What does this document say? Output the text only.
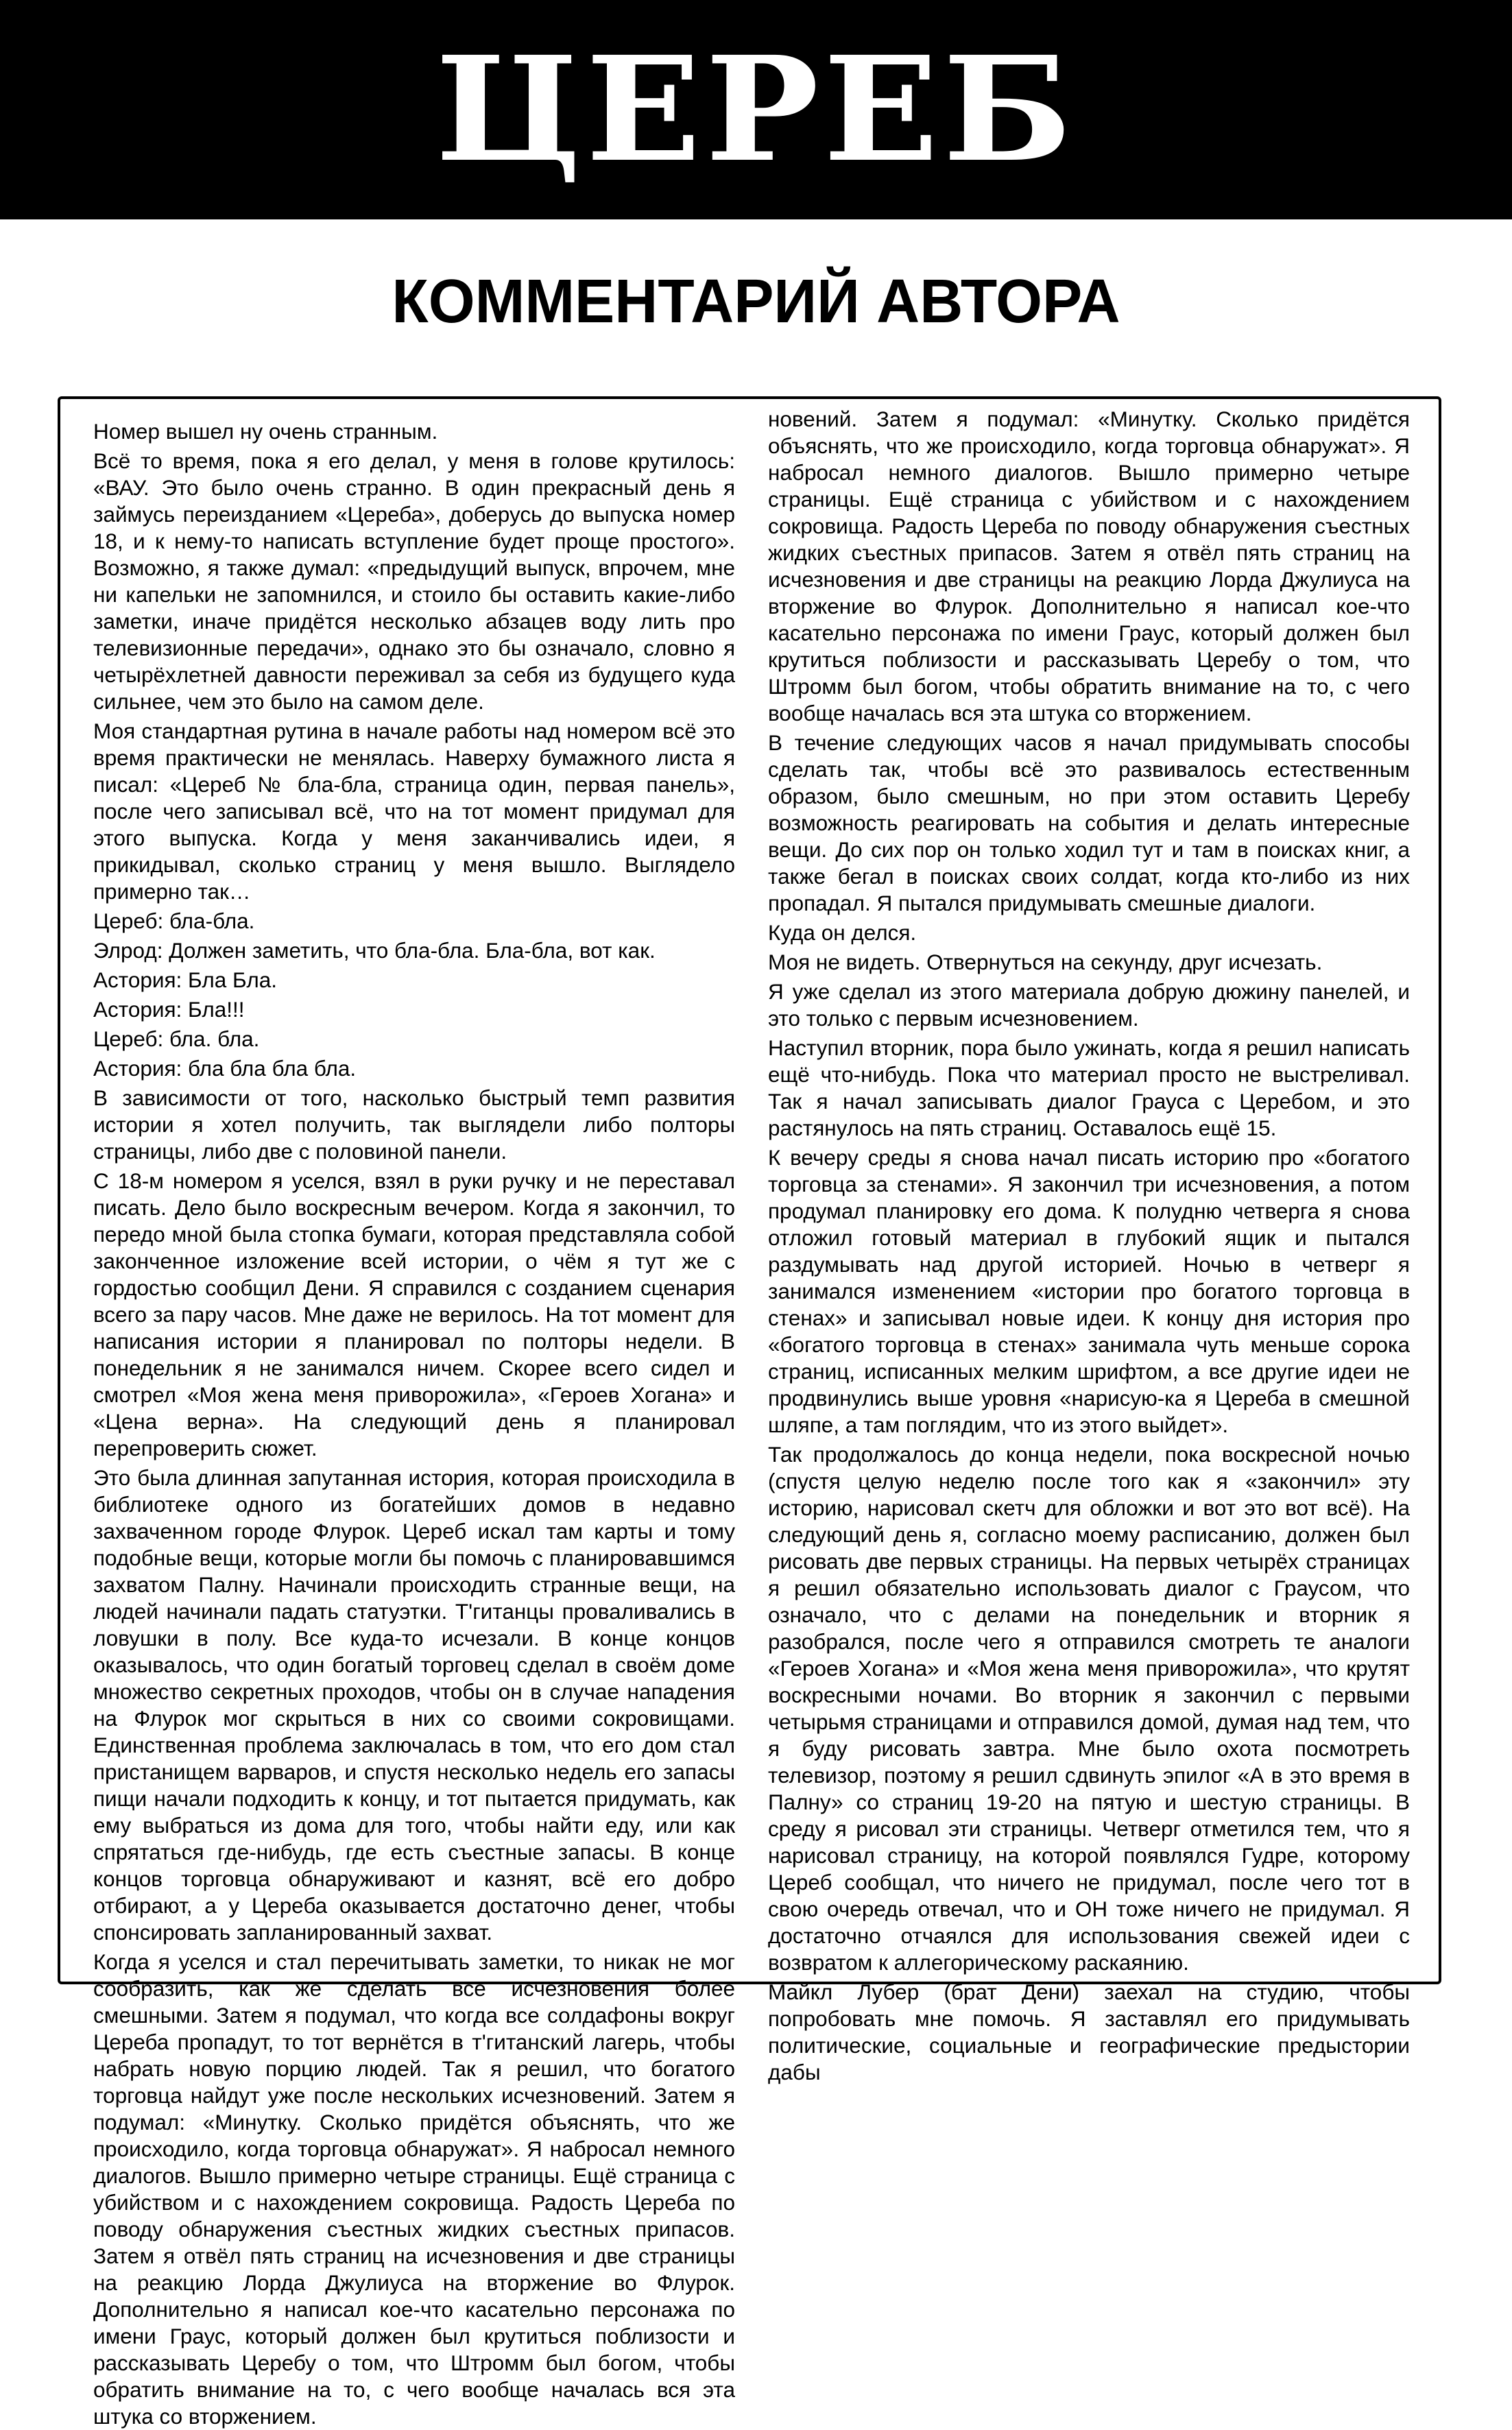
ЦЕРЕБ
КОММЕНТАРИЙ АВТОРА

Номер вышел ну очень странным.

Всё то время, пока я его делал, у меня в голове крутилось: «ВАУ. Это было очень странно. В один прекрасный день я займусь переизданием «Цереба», доберусь до выпуска номер 18, и к нему-то написать вступление будет проще простого». Возможно, я также думал: «предыдущий выпуск, впрочем, мне ни капельки не запомнился, и стоило бы оставить какие-либо заметки, иначе придётся несколько абзацев воду лить про телевизионные передачи», однако это бы означало, словно я четырёхлетней давности переживал за себя из будущего куда сильнее, чем это было на самом деле.

Моя стандартная рутина в начале работы над номером всё это время практически не менялась. Наверху бумажного листа я писал: «Цереб № бла-бла, страница один, первая панель», после чего записывал всё, что на тот момент придумал для этого выпуска. Когда у меня заканчивались идеи, я прикидывал, сколько страниц у меня вышло. Выглядело примерно так…

Цереб: бла-бла.

Элрод: Должен заметить, что бла-бла. Бла-бла, вот как.

Астория: Бла Бла.

Астория: Бла!!!

Цереб: бла. бла.

Астория: бла бла бла бла.

В зависимости от того, насколько быстрый темп развития истории я хотел получить, так выглядели либо полторы страницы, либо две с половиной панели.

С 18-м номером я уселся, взял в руки ручку и не переставал писать. Дело было воскресным вечером. Когда я закончил, то передо мной была стопка бумаги, которая представляла собой законченное изложение всей истории, о чём я тут же с гордостью сообщил Дени. Я справился с созданием сценария всего за пару часов. Мне даже не верилось. На тот момент для написания истории я планировал по полторы недели. В понедельник я не занимался ничем. Скорее всего сидел и смотрел «Моя жена меня приворожила», «Героев Хогана» и «Цена верна». На следующий день я планировал перепроверить сюжет.

Это была длинная запутанная история, которая происходила в библиотеке одного из богатейших домов в недавно захваченном городе Флурок. Цереб искал там карты и тому подобные вещи, которые могли бы помочь с планировавшимся захватом Палну. Начинали происходить странные вещи, на людей начинали падать статуэтки. Т'гитанцы проваливались в ловушки в полу. Все куда-то исчезали. В конце концов оказывалось, что один богатый торговец сделал в своём доме множество секретных проходов, чтобы он в случае нападения на Флурок мог скрыться в них со своими сокровищами. Единственная проблема заключалась в том, что его дом стал пристанищем варваров, и спустя несколько недель его запасы пищи начали подходить к концу, и тот пытается придумать, как ему выбраться из дома для того, чтобы найти еду, или как спрятаться где-нибудь, где есть съестные запасы. В конце концов торговца обнаруживают и казнят, всё его добро отбирают, а у Цереба оказывается достаточно денег, чтобы спонсировать запланированный захват.

Когда я уселся и стал перечитывать заметки, то никак не мог сообразить, как же сделать все исчезновения более смешными. Затем я подумал, что когда все солдафоны вокруг Цереба пропадут, то тот вернётся в т'гитанский лагерь, чтобы набрать новую порцию людей. Так я решил, что богатого торговца найдут уже после нескольких исчезновений. Затем я подумал: «Минутку. Сколько придётся объяснять, что же происходило, когда торговца обнаружат». Я набросал немного диалогов. Вышло примерно четыре страницы. Ещё страница с убийством и с нахождением сокровища. Радость Цереба по поводу обнаружения съестных жидких съестных припасов. Затем я отвёл пять страниц на исчезновения и две страницы на реакцию Лорда Джулиуса на вторжение во Флурок. Дополнительно я написал кое-что касательно персонажа по имени Граус, который должен был крутиться поблизости и рассказывать Церебу о том, что Штромм был богом, чтобы обратить внимание на то, с чего вообще началась вся эта штука со вторжением.

новений. Затем я подумал: «Минутку. Сколько придётся объяснять, что же происходило, когда торговца обнаружат». Я набросал немного диалогов. Вышло примерно четыре страницы. Ещё страница с убийством и с нахождением сокровища. Радость Цереба по поводу обнаружения съестных жидких съестных припасов. Затем я отвёл пять страниц на исчезновения и две страницы на реакцию Лорда Джулиуса на вторжение во Флурок. Дополнительно я написал кое-что касательно персонажа по имени Граус, который должен был крутиться поблизости и рассказывать Церебу о том, что Штромм был богом, чтобы обратить внимание на то, с чего вообще началась вся эта штука со вторжением.

В течение следующих часов я начал придумывать способы сделать так, чтобы всё это развивалось естественным образом, было смешным, но при этом оставить Церебу возможность реагировать на события и делать интересные вещи. До сих пор он только ходил тут и там в поисках книг, а также бегал в поисках своих солдат, когда кто-либо из них пропадал. Я пытался придумывать смешные диалоги.

Куда он делся.

Моя не видеть. Отвернуться на секунду, друг исчезать.

Я уже сделал из этого материала добрую дюжину панелей, и это только с первым исчезновением.

Наступил вторник, пора было ужинать, когда я решил написать ещё что-нибудь. Пока что материал просто не выстреливал. Так я начал записывать диалог Грауса с Церебом, и это растянулось на пять страниц. Оставалось ещё 15.

К вечеру среды я снова начал писать историю про «богатого торговца за стенами». Я закончил три исчезновения, а потом продумал планировку его дома. К полудню четверга я снова отложил готовый материал в глубокий ящик и пытался раздумывать над другой историей. Ночью в четверг я занимался изменением «истории про богатого торговца в стенах» и записывал новые идеи. К концу дня история про «богатого торговца в стенах» занимала чуть меньше сорока страниц, исписанных мелким шрифтом, а все другие идеи не продвинулись выше уровня «нарисую-ка я Цереба в смешной шляпе, а там поглядим, что из этого выйдет».

Так продолжалось до конца недели, пока воскресной ночью (спустя целую неделю после того как я «закончил» эту историю, нарисовал скетч для обложки и вот это вот всё). На следующий день я, согласно моему расписанию, должен был рисовать две первых страницы. На первых четырёх страницах я решил обязательно использовать диалог с Граусом, что означало, что с делами на понедельник и вторник я разобрался, после чего я отправился смотреть те аналоги «Героев Хогана» и «Моя жена меня приворожила», что крутят воскресными ночами. Во вторник я закончил с первыми четырьмя страницами и отправился домой, думая над тем, что я буду рисовать завтра. Мне было охота посмотреть телевизор, поэтому я решил сдвинуть эпилог «А в это время в Палну» со страниц 19-20 на пятую и шестую страницы. В среду я рисовал эти страницы. Четверг отметился тем, что я нарисовал страницу, на которой появлялся Гудре, которому Цереб сообщал, что ничего не придумал, после чего тот в свою очередь отвечал, что и ОН тоже ничего не придумал. Я достаточно отчаялся для использования свежей идеи с возвратом к аллегорическому раскаянию.

Майкл Лубер (брат Дени) заехал на студию, чтобы попробовать мне помочь. Я заставлял его придумывать политические, социальные и географические предыстории дабы
